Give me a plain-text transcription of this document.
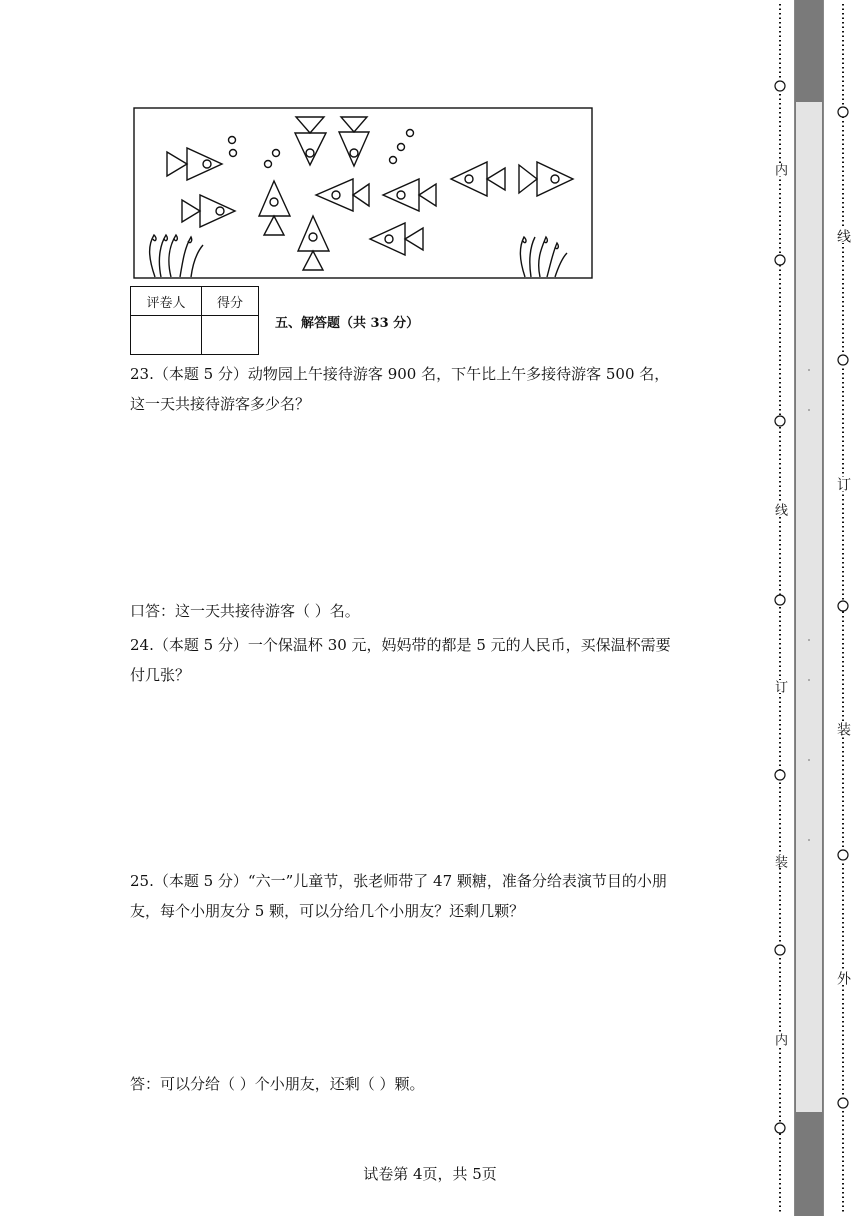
评卷人	得分

五、解答题（共 33 分）
23.（本题 5 分）动物园上午接待游客 900 名，下午比上午多接待游客 500 名，
这一天共接待游客多少名？
口答：这一天共接待游客（ ）名。
24.（本题 5 分）一个保温杯 30 元，妈妈带的都是 5 元的人民币，买保温杯需要
付几张？
25.（本题 5 分）“六一”儿童节，张老师带了 47 颗糖，准备分给表演节目的小朋
友，每个小朋友分 5 颗，可以分给几个小朋友？还剩几颗？
答：可以分给（ ）个小朋友，还剩（ ）颗。
试卷第 4页，共 5页
内
线
订
装
内
线
订
装
外
